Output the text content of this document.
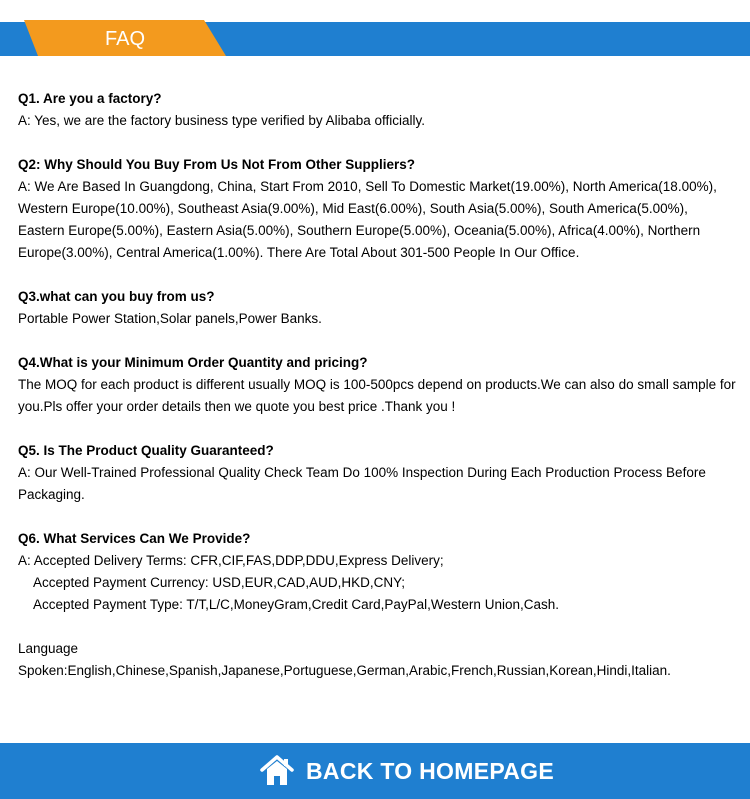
FAQ

Q1. Are you a factory?

A: Yes, we are the factory business type verified by Alibaba officially.

Q2: Why Should You Buy From Us Not From Other Suppliers?

A: We Are Based In Guangdong, China, Start From 2010, Sell To Domestic Market(19.00%), North America(18.00%), Western Europe(10.00%), Southeast Asia(9.00%), Mid East(6.00%), South Asia(5.00%), South America(5.00%), Eastern Europe(5.00%), Eastern Asia(5.00%), Southern Europe(5.00%), Oceania(5.00%), Africa(4.00%), Northern Europe(3.00%), Central America(1.00%). There Are Total About 301-500 People In Our Office.

Q3.what can you buy from us?

Portable Power Station,Solar panels,Power Banks.

Q4.What is your Minimum Order Quantity and pricing?

The MOQ for each product is different usually MOQ is 100-500pcs depend on products.We can also do small sample for you.Pls offer your order details then we quote you best price .Thank you !

Q5. Is The Product Quality Guaranteed?

A: Our Well-Trained Professional Quality Check Team Do 100% Inspection During Each Production Process Before Packaging.

Q6. What Services Can We Provide?

A: Accepted Delivery Terms: CFR,CIF,FAS,DDP,DDU,Express Delivery;

Accepted Payment Currency: USD,EUR,CAD,AUD,HKD,CNY;

Accepted Payment Type: T/T,L/C,MoneyGram,Credit Card,PayPal,Western Union,Cash.

Language

Spoken:English,Chinese,Spanish,Japanese,Portuguese,German,Arabic,French,Russian,Korean,Hindi,Italian.

BACK TO HOMEPAGE
